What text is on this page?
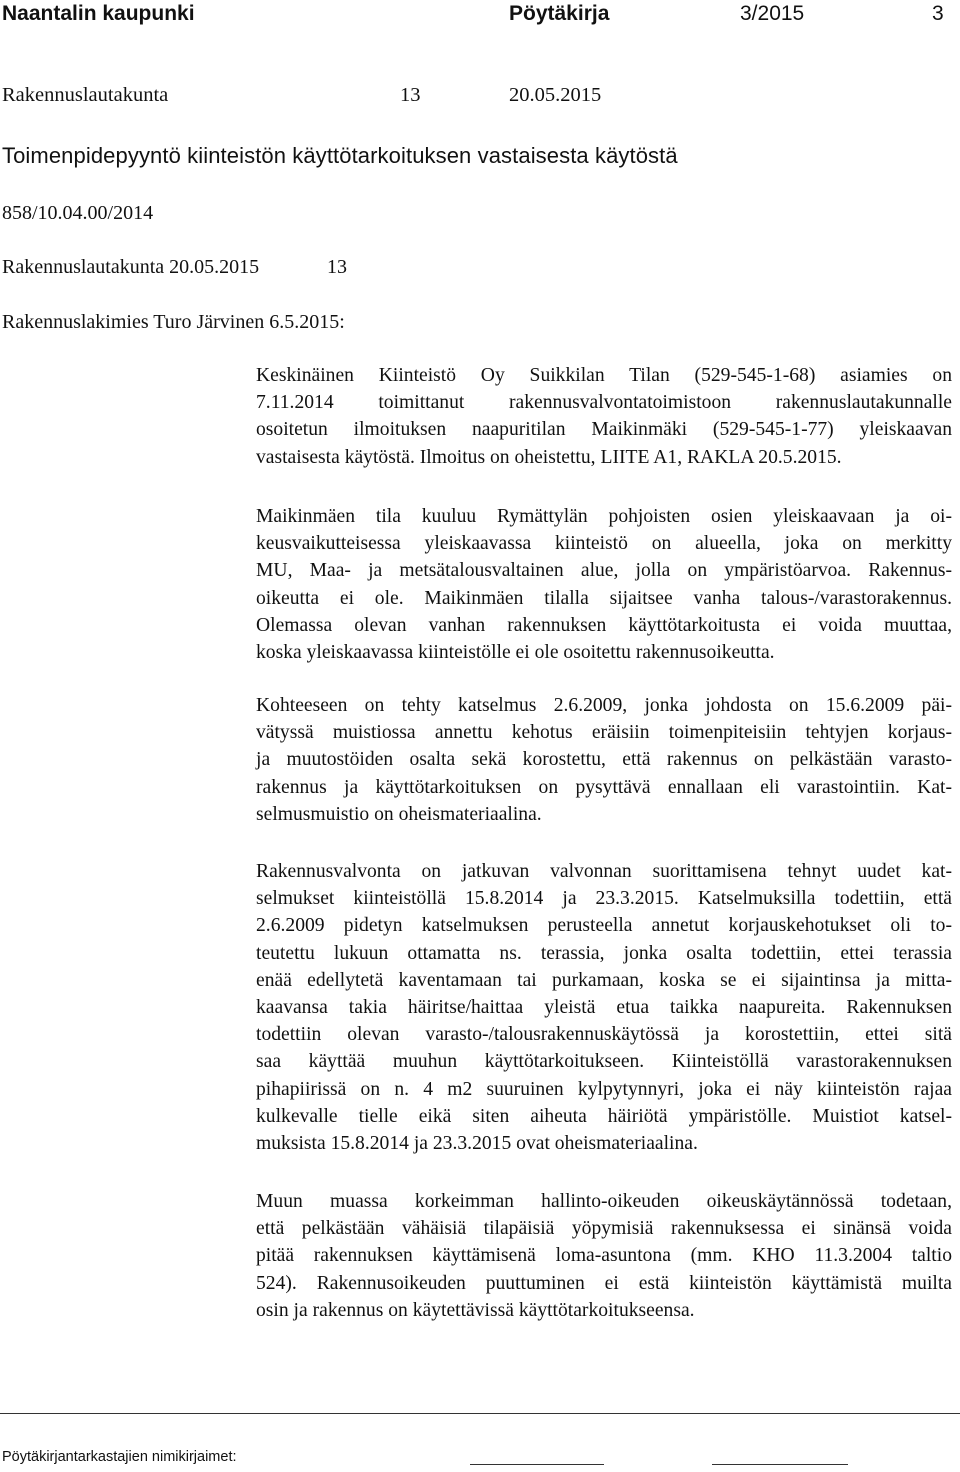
Naantalin kaupunki	Pöytäkirja	3/2015	3
Rakennuslautakunta	13	20.05.2015
Toimenpidepyyntö kiinteistön käyttötarkoituksen vastaisesta käytöstä
858/10.04.00/2014
Rakennuslautakunta 20.05.2015	13
Rakennuslakimies Turo Järvinen 6.5.2015:
Keskinäinen Kiinteistö Oy Suikkilan Tilan (529-545-1-68) asiamies on
7.11.2014 toimittanut rakennusvalvontatoimistoon rakennuslautakunnalle
osoitetun ilmoituksen naapuritilan Maikinmäki (529-545-1-77) yleiskaavan
vastaisesta käytöstä. Ilmoitus on oheistettu, LIITE A1, RAKLA 20.5.2015.
Maikinmäen tila kuuluu Rymättylän pohjoisten osien yleiskaavaan ja oi-
keusvaikutteisessa yleiskaavassa kiinteistö on alueella, joka on merkitty
MU, Maa- ja metsätalousvaltainen alue, jolla on ympäristöarvoa. Rakennus-
oikeutta ei ole. Maikinmäen tilalla sijaitsee vanha talous-/varastorakennus.
Olemassa olevan vanhan rakennuksen käyttötarkoitusta ei voida muuttaa,
koska yleiskaavassa kiinteistölle ei ole osoitettu rakennusoikeutta.
Kohteeseen on tehty katselmus 2.6.2009, jonka johdosta on 15.6.2009 päi-
vätyssä muistiossa annettu kehotus eräisiin toimenpiteisiin tehtyjen korjaus-
ja muutostöiden osalta sekä korostettu, että rakennus on pelkästään varasto-
rakennus ja käyttötarkoituksen on pysyttävä ennallaan eli varastointiin. Kat-
selmusmuistio on oheismateriaalina.
Rakennusvalvonta on jatkuvan valvonnan suorittamisena tehnyt uudet kat-
selmukset kiinteistöllä 15.8.2014 ja 23.3.2015. Katselmuksilla todettiin, että
2.6.2009 pidetyn katselmuksen perusteella annetut korjauskehotukset oli to-
teutettu lukuun ottamatta ns. terassia, jonka osalta todettiin, ettei terassia
enää edellytetä kaventamaan tai purkamaan, koska se ei sijaintinsa ja mitta-
kaavansa takia häiritse/haittaa yleistä etua taikka naapureita. Rakennuksen
todettiin olevan varasto-/talousrakennuskäytössä ja korostettiin, ettei sitä
saa käyttää muuhun käyttötarkoitukseen. Kiinteistöllä varastorakennuksen
pihapiirissä on n. 4 m2 suuruinen kylpytynnyri, joka ei näy kiinteistön rajaa
kulkevalle tielle eikä siten aiheuta häiriötä ympäristölle. Muistiot katsel-
muksista 15.8.2014 ja 23.3.2015 ovat oheismateriaalina.
Muun muassa korkeimman hallinto-oikeuden oikeuskäytännössä todetaan,
että pelkästään vähäisiä tilapäisiä yöpymisiä rakennuksessa ei sinänsä voida
pitää rakennuksen käyttämisenä loma-asuntona (mm. KHO 11.3.2004 taltio
524). Rakennusoikeuden puuttuminen ei estä kiinteistön käyttämistä muilta
osin ja rakennus on käytettävissä käyttötarkoitukseensa.
Pöytäkirjantarkastajien nimikirjaimet:
